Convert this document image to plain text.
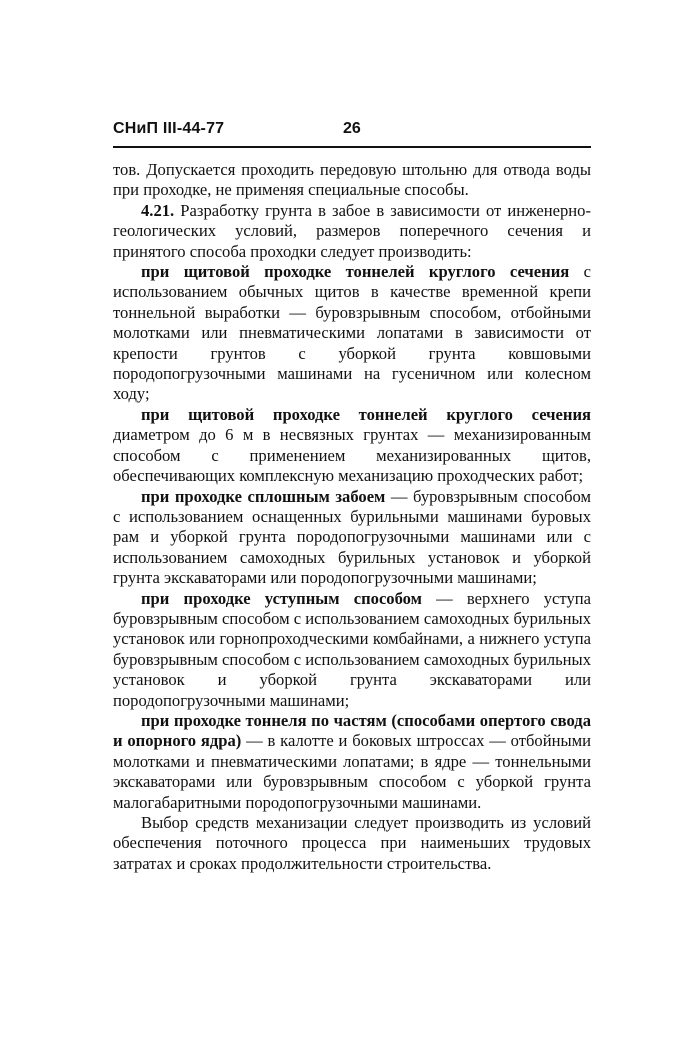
СНиП III-44-77	26

тов. Допускается проходить передовую штольню для отвода воды при проходке, не применяя специальные способы.

4.21. Разработку грунта в забое в зависимости от инженерно-геологических условий, размеров поперечного сечения и принятого способа проходки следует производить:

при щитовой проходке тоннелей круглого сечения с использованием обычных щитов в качестве временной крепи тоннельной выработки — буровзрывным способом, отбойными молотками или пневматическими лопатами в зависимости от крепости грунтов с уборкой грунта ковшовыми породопогрузочными машинами на гусеничном или колесном ходу;

при щитовой проходке тоннелей круглого сечения диаметром до 6 м в несвязных грунтах — механизированным способом с применением механизированных щитов, обеспечивающих комплексную механизацию проходческих работ;

при проходке сплошным забоем — буровзрывным способом с использованием оснащенных бурильными машинами буровых рам и уборкой грунта породопогрузочными машинами или с использованием самоходных бурильных установок и уборкой грунта экскаваторами или породопогрузочными машинами;

при проходке уступным способом — верхнего уступа буровзрывным способом с использованием самоходных бурильных установок или горнопроходческими комбайнами, а нижнего уступа буровзрывным способом с использованием самоходных бурильных установок и уборкой грунта экскаваторами или породопогрузочными машинами;

при проходке тоннеля по частям (способами опертого свода и опорного ядра) — в калотте и боковых штроссах — отбойными молотками и пневматическими лопатами; в ядре — тоннельными экскаваторами или буровзрывным способом с уборкой грунта малогабаритными породопогрузочными машинами.

Выбор средств механизации следует производить из условий обеспечения поточного процесса при наименьших трудовых затратах и сроках продолжительности строительства.
